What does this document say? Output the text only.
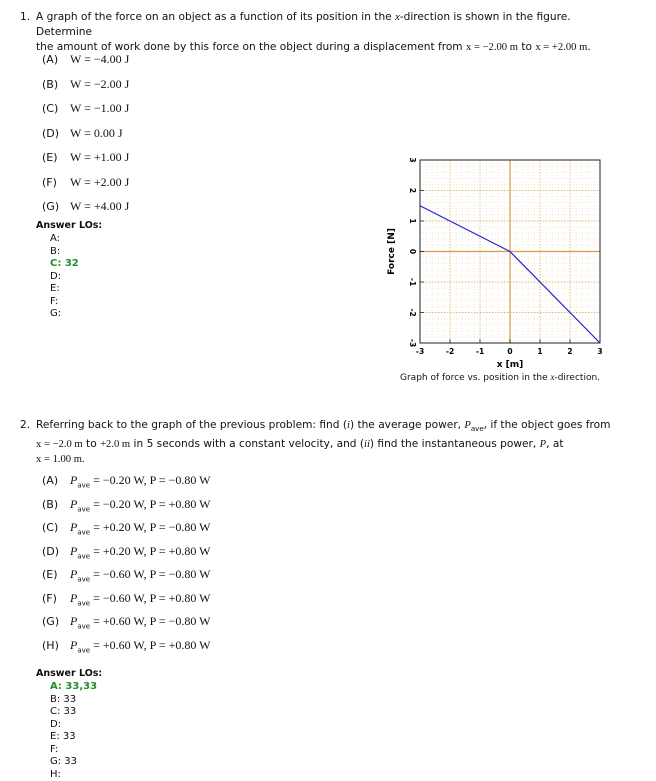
1. A graph of the force on an object as a function of its position in the x-direction is shown in the figure. Determine
the amount of work done by this force on the object during a displacement from x = −2.00 m to x = +2.00 m.
(A) W = −4.00 J
(B) W = −2.00 J
(C) W = −1.00 J
(D) W = 0.00 J
(E) W = +1.00 J
(F) W = +2.00 J
(G) W = +4.00 J
Answer LOs:
A:
B:
C: 32
D:
E:
F:
G:
-3	-2	-1	0	1	2	3
3
2
1
0
-1
-2
-3
x [m]
Force [N]
Graph of force vs. position in the x-direction.
2. Referring back to the graph of the previous problem: find (i) the average power, $P_{ave}$, if the object goes from
x = −2.0 m to +2.0 m in 5 seconds with a constant velocity, and (ii) find the instantaneous power, P, at
x = 1.00 m.
(A) $P_{ave} = -0.20$ W, P = −0.80 W
(B) $P_{ave} = -0.20$ W, P = +0.80 W
(C) $P_{ave} = +0.20$ W, P = −0.80 W
(D) $P_{ave} = +0.20$ W, P = +0.80 W
(E) $P_{ave} = -0.60$ W, P = −0.80 W
(F) $P_{ave} = -0.60$ W, P = +0.80 W
(G) $P_{ave} = +0.60$ W, P = −0.80 W
(H) $P_{ave} = +0.60$ W, P = +0.80 W
Answer LOs:
A: 33,33
B: 33
C: 33
D:
E: 33
F:
G: 33
H:
